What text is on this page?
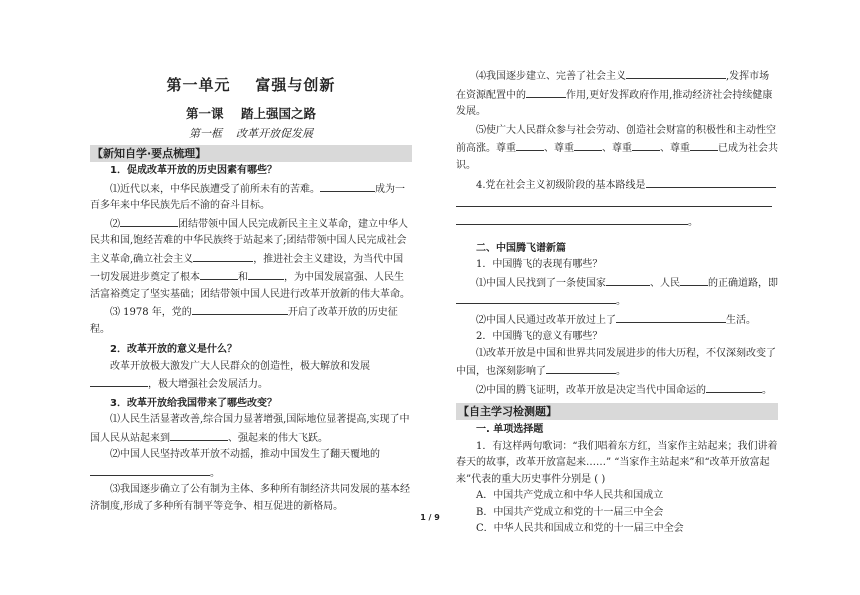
第一单元    富强与创新
第一课    踏上强国之路
第一框    改革开放促发展
【新知自学·要点梳理】

1．促成改革开放的历史因素有哪些？

⑴近代以来，中华民族遭受了前所未有的苦难。	成为一百多年来中华民族先后不渝的奋斗目标。

⑵	团结带领中国人民完成新民主主义革命，建立中华人民共和国,饱经苦难的中华民族终于站起来了;团结带领中国人民完成社会主义革命,确立社会主义	，推进社会主义建设，为当代中国一切发展进步奠定了根本	和	，为中国发展富强、人民生活富裕奠定了坚实基础；团结带领中国人民进行改革开放新的伟大革命。

⑶ 1978 年，党的	开启了改革开放的历史征程。

2．改革开放的意义是什么？

改革开放极大激发广大人民群众的创造性，极大解放和发展，极大增强社会发展活力。

3．改革开放给我国带来了哪些改变？

⑴人民生活显著改善,综合国力显著增强,国际地位显著提高,实现了中国人民从站起来到	、强起来的伟大飞跃。

⑵中国人民坚持改革开放不动摇，推动中国发生了翻天覆地的。

⑶我国逐步确立了公有制为主体、多种所有制经济共同发展的基本经济制度,形成了多种所有制平等竞争、相互促进的新格局。

⑷我国逐步建立、完善了社会主义	,发挥市场在资源配置中的	作用,更好发挥政府作用,推动经济社会持续健康发展。

⑸使广大人民群众参与社会劳动、创造社会财富的积极性和主动性空前高涨。尊重	、尊重	、尊重	、尊重	已成为社会共识。

4.党在社会主义初级阶段的基本路线是

。

二、中国腾飞谱新篇

1．中国腾飞的表现有哪些？

⑴中国人民找到了一条使国家	、人民	的正确道路，即。

⑵中国人民通过改革开放过上了	生活。

2．中国腾飞的意义有哪些？

⑴改革开放是中国和世界共同发展进步的伟大历程，不仅深刻改变了中国，也深刻影响了	。

⑵中国的腾飞证明，改革开放是决定当代中国命运的	。

【自主学习检测题】

一. 单项选择题

1．有这样两句歌词：“我们唱着东方红，当家作主站起来；我们讲着春天的故事，改革开放富起来……” “当家作主站起来”和“改革开放富起来”代表的重大历史事件分别是 ( )

A．中国共产党成立和中华人民共和国成立

B．中国共产党成立和党的十一届三中全会

C．中华人民共和国成立和党的十一届三中全会

1 / 9
